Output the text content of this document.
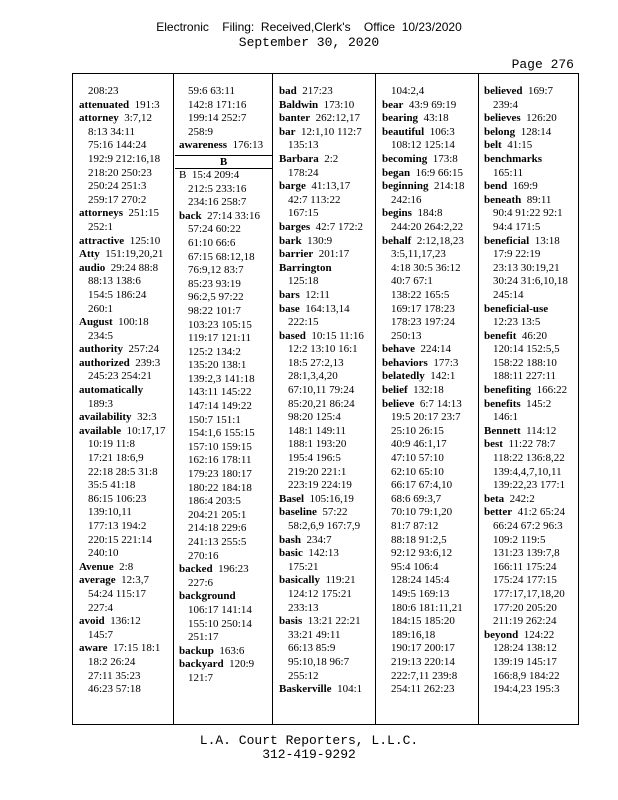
Electronic    Filing:  Received,Clerk's    Office  10/23/2020
September 30, 2020
Page 276
208:23
attenuated 191:3
attorney 3:7,12
8:13 34:11
75:16 144:24
192:9 212:16,18
218:20 250:23
250:24 251:3
259:17 270:2
attorneys 251:15
252:1
attractive 125:10
Atty 151:19,20,21
audio 29:24 88:8
88:13 138:6
154:5 186:24
260:1
August 100:18
234:5
authority 257:24
authorized 239:3
245:23 254:21
automatically
189:3
availability 32:3
available 10:17,17
10:19 11:8
17:21 18:6,9
22:18 28:5 31:8
35:5 41:18
86:15 106:23
139:10,11
177:13 194:2
220:15 221:14
240:10
Avenue 2:8
average 12:3,7
54:24 115:17
227:4
avoid 136:12
145:7
aware 17:15 18:1
18:2 26:24
27:11 35:23
46:23 57:18
59:6 63:11
142:8 171:16
199:14 252:7
258:9
awareness 176:13
B
B 15:4 209:4
212:5 233:16
234:16 258:7
back 27:14 33:16
57:24 60:22
61:10 66:6
67:15 68:12,18
76:9,12 83:7
85:23 93:19
96:2,5 97:22
98:22 101:7
103:23 105:15
119:17 121:11
125:2 134:2
135:20 138:1
139:2,3 141:18
143:11 145:22
147:14 149:22
150:7 151:1
154:1,6 155:15
157:10 159:15
162:16 178:11
179:23 180:17
180:22 184:18
186:4 203:5
204:21 205:1
214:18 229:6
241:13 255:5
270:16
backed 196:23
227:6
background
106:17 141:14
155:10 250:14
251:17
backup 163:6
backyard 120:9
121:7
bad 217:23
Baldwin 173:10
banter 262:12,17
bar 12:1,10 112:7
135:13
Barbara 2:2
178:24
barge 41:13,17
42:7 113:22
167:15
barges 42:7 172:2
bark 130:9
barrier 201:17
Barrington
125:18
bars 12:11
base 164:13,14
222:15
based 10:15 11:16
12:2 13:10 16:1
18:5 27:2,13
28:1,3,4,20
67:10,11 79:24
85:20,21 86:24
98:20 125:4
148:1 149:11
188:1 193:20
195:4 196:5
219:20 221:1
223:19 224:19
Basel 105:16,19
baseline 57:22
58:2,6,9 167:7,9
bash 234:7
basic 142:13
175:21
basically 119:21
124:12 175:21
233:13
basis 13:21 22:21
33:21 49:11
66:13 85:9
95:10,18 96:7
255:12
Baskerville 104:1
104:2,4
bear 43:9 69:19
bearing 43:18
beautiful 106:3
108:12 125:14
becoming 173:8
began 16:9 66:15
beginning 214:18
242:16
begins 184:8
244:20 264:2,22
behalf 2:12,18,23
3:5,11,17,23
4:18 30:5 36:12
40:7 67:1
138:22 165:5
169:17 178:23
178:23 197:24
250:13
behave 224:14
behaviors 177:3
belatedly 142:1
belief 132:18
believe 6:7 14:13
19:5 20:17 23:7
25:10 26:15
40:9 46:1,17
47:10 57:10
62:10 65:10
66:17 67:4,10
68:6 69:3,7
70:10 79:1,20
81:7 87:12
88:18 91:2,5
92:12 93:6,12
95:4 106:4
128:24 145:4
149:5 169:13
180:6 181:11,21
184:15 185:20
189:16,18
190:17 200:17
219:13 220:14
222:7,11 239:8
254:11 262:23
believed 169:7
239:4
believes 126:20
belong 128:14
belt 41:15
benchmarks
165:11
bend 169:9
beneath 89:11
90:4 91:22 92:1
94:4 171:5
beneficial 13:18
17:9 22:19
23:13 30:19,21
30:24 31:6,10,18
245:14
beneficial-use
12:23 13:5
benefit 46:20
120:14 152:5,5
158:22 188:10
188:11 227:11
benefiting 166:22
benefits 145:2
146:1
Bennett 114:12
best 11:22 78:7
118:22 136:8,22
139:4,4,7,10,11
139:22,23 177:1
beta 242:2
better 41:2 65:24
66:24 67:2 96:3
109:2 119:5
131:23 139:7,8
166:11 175:24
175:24 177:15
177:17,17,18,20
177:20 205:20
211:19 262:24
beyond 124:22
128:24 138:12
139:19 145:17
166:8,9 184:22
194:4,23 195:3
L.A. Court Reporters, L.L.C.
312-419-9292
